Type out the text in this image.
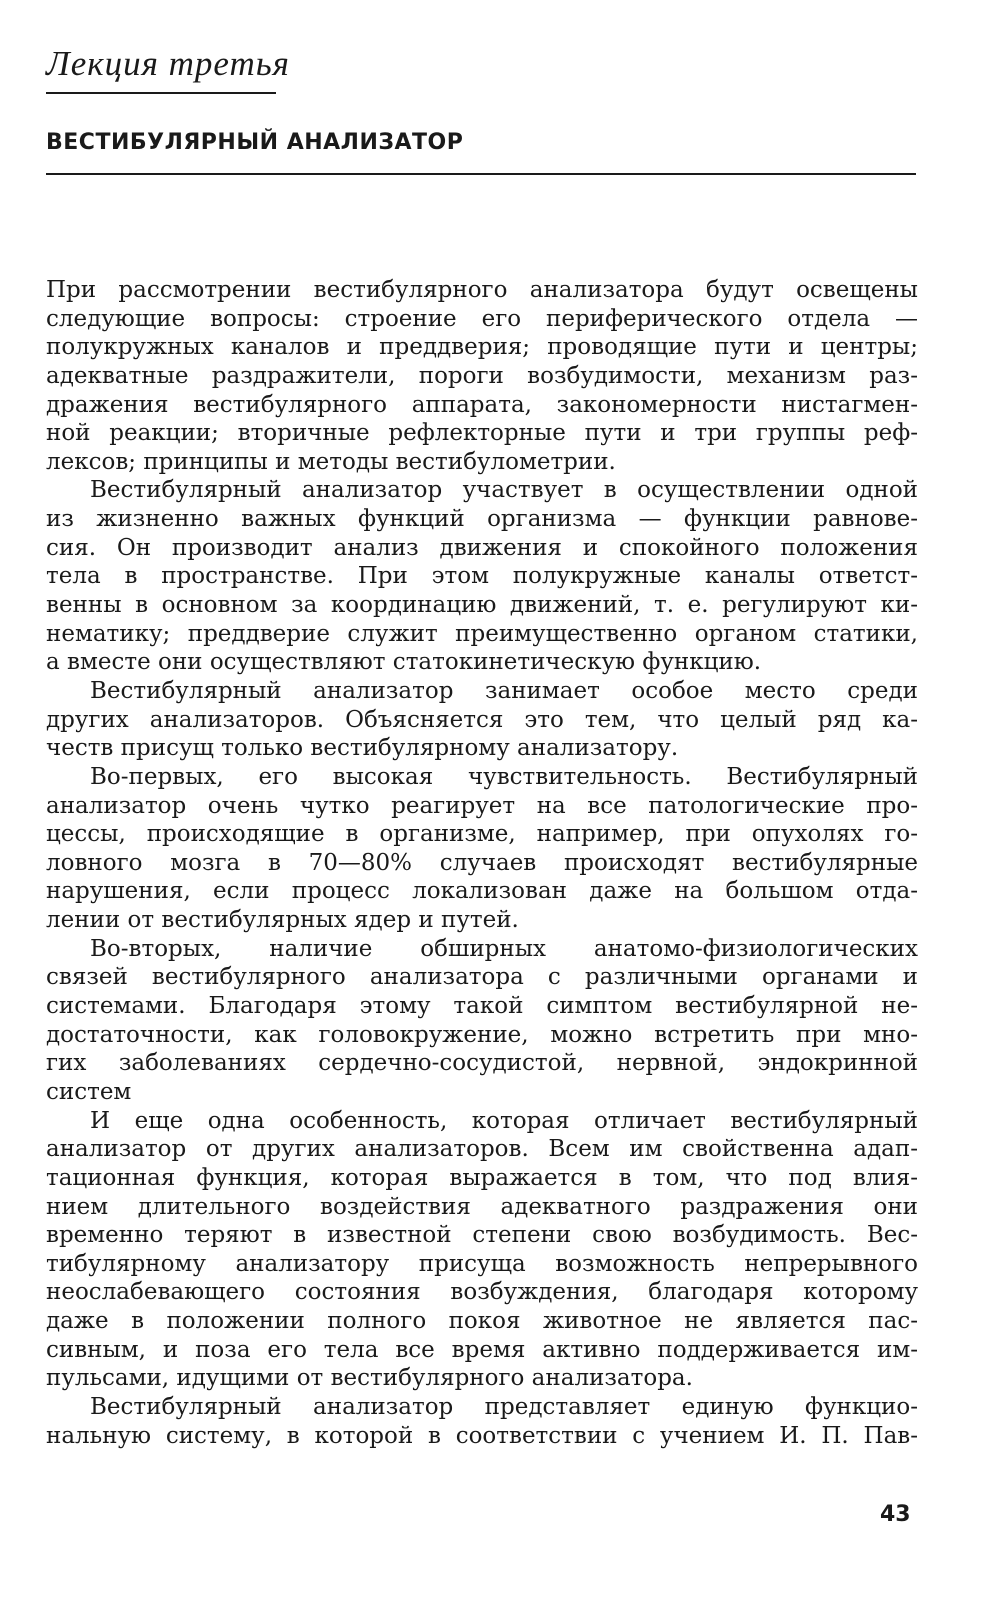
Лекция третья
ВЕСТИБУЛЯРНЫЙ АНАЛИЗАТОР
При рассмотрении вестибулярного анализатора будут освещены
следующие вопросы: строение его периферического отдела —
полукружных каналов и преддверия; проводящие пути и центры;
адекватные раздражители, пороги возбудимости, механизм раз-
дражения вестибулярного аппарата, закономерности нистагмен-
ной реакции; вторичные рефлекторные пути и три группы реф-
лексов; принципы и методы вестибулометрии.
Вестибулярный анализатор участвует в осуществлении одной
из жизненно важных функций организма — функции равнове-
сия. Он производит анализ движения и спокойного положения
тела в пространстве. При этом полукружные каналы ответст-
венны в основном за координацию движений, т. е. регулируют ки-
нематику; преддверие служит преимущественно органом статики,
а вместе они осуществляют статокинетическую функцию.
Вестибулярный анализатор занимает особое место среди
других анализаторов. Объясняется это тем, что целый ряд ка-
честв присущ только вестибулярному анализатору.
Во-первых, его высокая чувствительность. Вестибулярный
анализатор очень чутко реагирует на все патологические про-
цессы, происходящие в организме, например, при опухолях го-
ловного мозга в 70—80% случаев происходят вестибулярные
нарушения, если процесс локализован даже на большом отда-
лении от вестибулярных ядер и путей.
Во-вторых, наличие обширных анатомо-физиологических
связей вестибулярного анализатора с различными органами и
системами. Благодаря этому такой симптом вестибулярной не-
достаточности, как головокружение, можно встретить при мно-
гих заболеваниях сердечно-сосудистой, нервной, эндокринной
систем
И еще одна особенность, которая отличает вестибулярный
анализатор от других анализаторов. Всем им свойственна адап-
тационная функция, которая выражается в том, что под влия-
нием длительного воздействия адекватного раздражения они
временно теряют в известной степени свою возбудимость. Вес-
тибулярному анализатору присуща возможность непрерывного
неослабевающего состояния возбуждения, благодаря которому
даже в положении полного покоя животное не является пас-
сивным, и поза его тела все время активно поддерживается им-
пульсами, идущими от вестибулярного анализатора.
Вестибулярный анализатор представляет единую функцио-
нальную систему, в которой в соответствии с учением И. П. Пав-
43
